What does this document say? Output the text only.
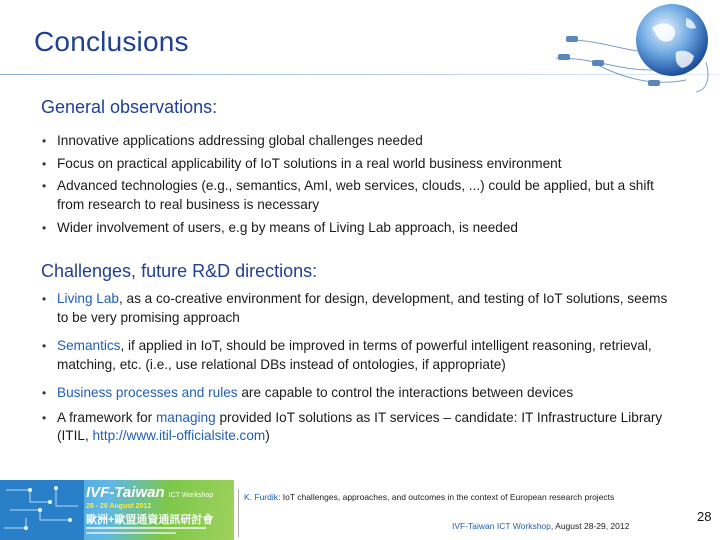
Conclusions
General observations:
• Innovative applications addressing global challenges needed
• Focus on practical applicability of IoT solutions in a real world business environment
• Advanced technologies (e.g., semantics, AmI, web services, clouds, ...) could be applied, but a shift from research to real business is necessary
• Wider involvement of users, e.g by means of Living Lab approach, is needed
Challenges, future R&D directions:
• Living Lab, as a co-creative environment for design, development, and testing of IoT solutions, seems to be very promising approach
• Semantics, if applied in IoT, should be improved in terms of powerful intelligent reasoning, retrieval, matching, etc. (i.e., use relational DBs instead of ontologies, if appropriate)
• Business processes and rules are capable to control the interactions between devices
• A framework for managing provided IoT solutions as IT services – candidate: IT Infrastructure Library (ITIL, http://www.itil-officialsite.com)
IVF-Taiwan ICT Workshop
28 - 29 August 2012
歐洲+歐盟通資通訊研討會
K. Furdik: IoT challenges, approaches, and outcomes in the context of European research projects
IVF-Taiwan ICT Workshop, August 28-29, 2012
28
